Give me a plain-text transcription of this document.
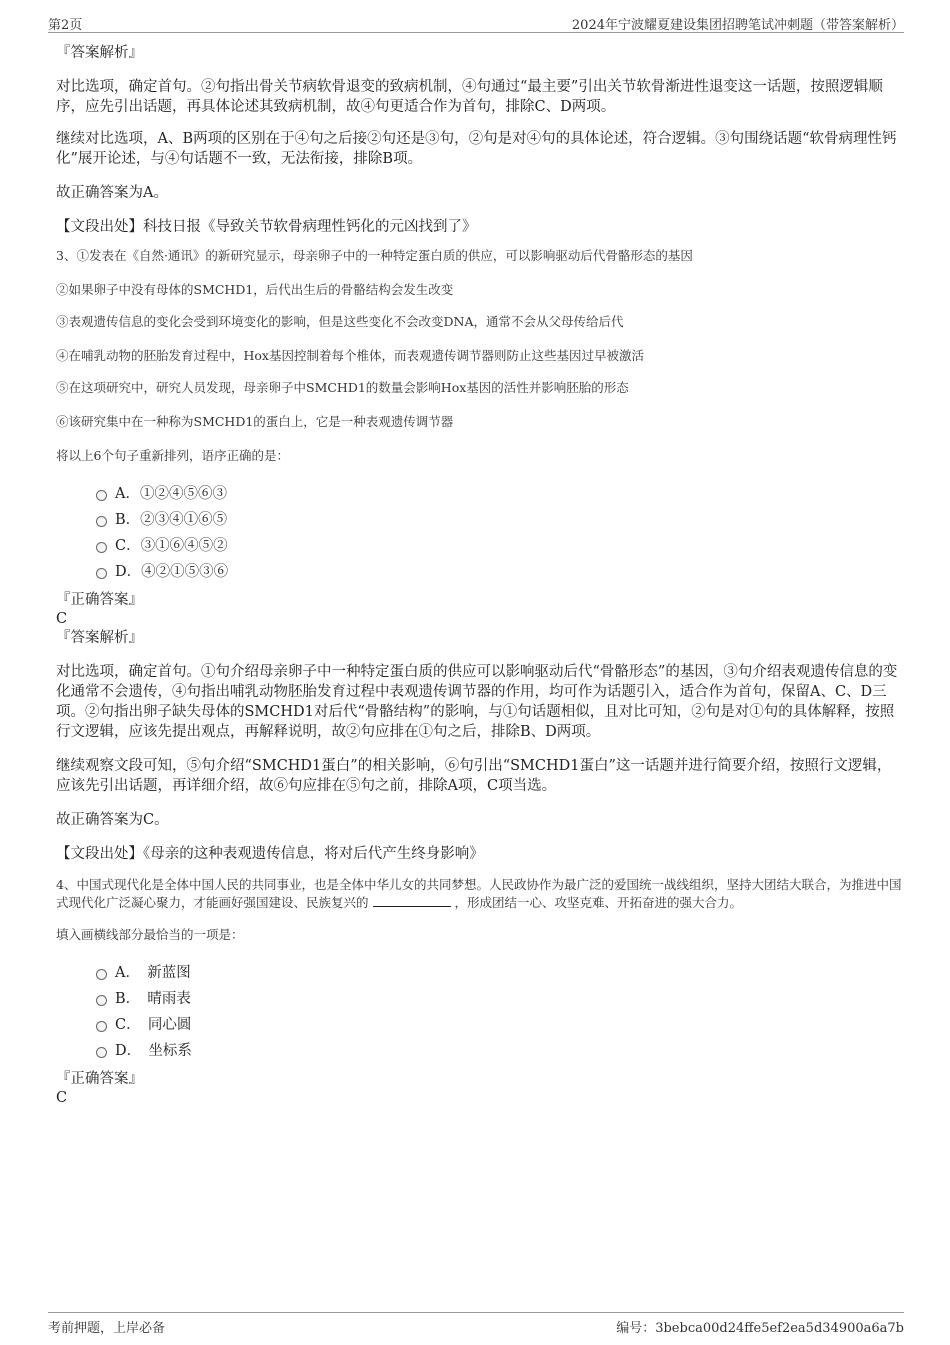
第2页	2024年宁波耀夏建设集团招聘笔试冲刺题（带答案解析）

『答案解析』

对比选项，确定首句。②句指出骨关节病软骨退变的致病机制，④句通过“最主要”引出关节软骨渐进性退变这一话题，按照逻辑顺序，应先引出话题，再具体论述其致病机制，故④句更适合作为首句，排除C、D两项。

继续对比选项，A、B两项的区别在于④句之后接②句还是③句，②句是对④句的具体论述，符合逻辑。③句围绕话题“软骨病理性钙化”展开论述，与④句话题不一致，无法衔接，排除B项。

故正确答案为A。

【文段出处】科技日报《导致关节软骨病理性钙化的元凶找到了》

3、①发表在《自然·通讯》的新研究显示，母亲卵子中的一种特定蛋白质的供应，可以影响驱动后代骨骼形态的基因

②如果卵子中没有母体的SMCHD1，后代出生后的骨骼结构会发生改变

③表观遗传信息的变化会受到环境变化的影响，但是这些变化不会改变DNA，通常不会从父母传给后代

④在哺乳动物的胚胎发育过程中，Hox基因控制着每个椎体，而表观遗传调节器则防止这些基因过早被激活

⑤在这项研究中，研究人员发现，母亲卵子中SMCHD1的数量会影响Hox基因的活性并影响胚胎的形态

⑥该研究集中在一种称为SMCHD1的蛋白上，它是一种表观遗传调节器

将以上6个句子重新排列，语序正确的是：

A．①②④⑤⑥③
B．②③④①⑥⑤
C．③①⑥④⑤②
D．④②①⑤③⑥

『正确答案』

C

『答案解析』

对比选项，确定首句。①句介绍母亲卵子中一种特定蛋白质的供应可以影响驱动后代“骨骼形态”的基因，③句介绍表观遗传信息的变化通常不会遗传，④句指出哺乳动物胚胎发育过程中表观遗传调节器的作用，均可作为话题引入，适合作为首句，保留A、C、D三项。②句指出卵子缺失母体的SMCHD1对后代“骨骼结构”的影响，与①句话题相似，且对比可知，②句是对①句的具体解释，按照行文逻辑，应该先提出观点，再解释说明，故②句应排在①句之后，排除B、D两项。

继续观察文段可知，⑤句介绍“SMCHD1蛋白”的相关影响，⑥句引出“SMCHD1蛋白”这一话题并进行简要介绍，按照行文逻辑，应该先引出话题，再详细介绍，故⑥句应排在⑤句之前，排除A项，C项当选。

故正确答案为C。

【文段出处】《母亲的这种表观遗传信息，将对后代产生终身影响》

4、中国式现代化是全体中国人民的共同事业，也是全体中华儿女的共同梦想。人民政协作为最广泛的爱国统一战线组织，坚持大团结大联合，为推进中国式现代化广泛凝心聚力，才能画好强国建设、民族复兴的	，形成团结一心、攻坚克难、开拓奋进的强大合力。

填入画横线部分最恰当的一项是：

A．　新蓝图
B．　晴雨表
C．　同心圆
D．　坐标系

『正确答案』

C

考前押题，上岸必备	编号：3bebca00d24ffe5ef2ea5d34900a6a7b
